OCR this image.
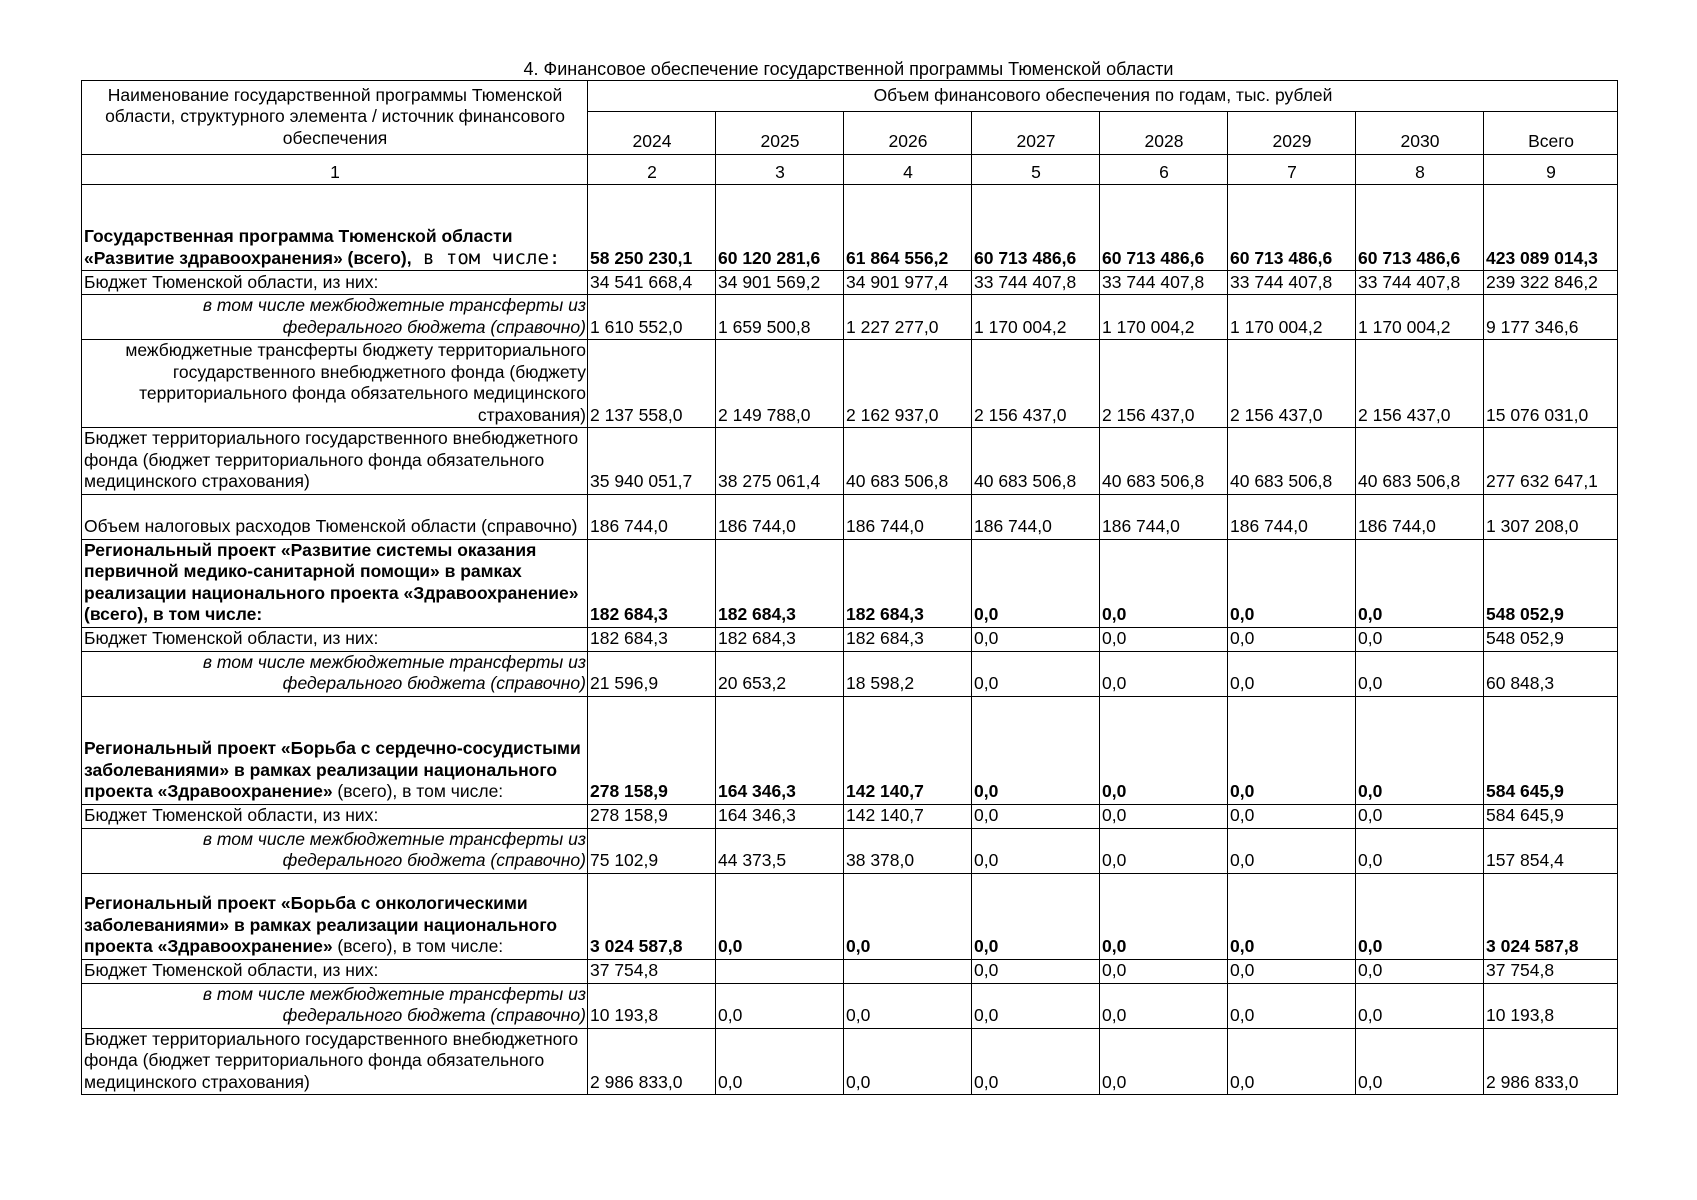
4. Финансовое обеспечение государственной программы Тюменской области
Наименование государственной программы Тюменской области, структурного элемента / источник финансового обеспечения	Объем финансового обеспечения по годам, тыс. рублей							
	2024	2025	2026	2027	2028	2029	2030	Всего
1	2	3	4	5	6	7	8	9
Государственная программа Тюменской области «Развитие здравоохранения» (всего), в том числе:	58 250 230,1	60 120 281,6	61 864 556,2	60 713 486,6	60 713 486,6	60 713 486,6	60 713 486,6	423 089 014,3
Бюджет Тюменской области, из них:	34 541 668,4	34 901 569,2	34 901 977,4	33 744 407,8	33 744 407,8	33 744 407,8	33 744 407,8	239 322 846,2
в том числе межбюджетные трансферты из федерального бюджета (справочно)	1 610 552,0	1 659 500,8	1 227 277,0	1 170 004,2	1 170 004,2	1 170 004,2	1 170 004,2	9 177 346,6
межбюджетные трансферты бюджету территориального государственного внебюджетного фонда (бюджету территориального фонда обязательного медицинского страхования)	2 137 558,0	2 149 788,0	2 162 937,0	2 156 437,0	2 156 437,0	2 156 437,0	2 156 437,0	15 076 031,0
Бюджет территориального государственного внебюджетного фонда (бюджет территориального фонда обязательного медицинского страхования)	35 940 051,7	38 275 061,4	40 683 506,8	40 683 506,8	40 683 506,8	40 683 506,8	40 683 506,8	277 632 647,1
Объем налоговых расходов Тюменской области (справочно)	186 744,0	186 744,0	186 744,0	186 744,0	186 744,0	186 744,0	186 744,0	1 307 208,0
Региональный проект «Развитие системы оказания первичной медико-санитарной помощи» в рамках реализации национального проекта «Здравоохранение» (всего), в том числе:	182 684,3	182 684,3	182 684,3	0,0	0,0	0,0	0,0	548 052,9
Бюджет Тюменской области, из них:	182 684,3	182 684,3	182 684,3	0,0	0,0	0,0	0,0	548 052,9
в том числе межбюджетные трансферты из федерального бюджета (справочно)	21 596,9	20 653,2	18 598,2	0,0	0,0	0,0	0,0	60 848,3
Региональный проект «Борьба с сердечно-сосудистыми заболеваниями» в рамках реализации национального проекта «Здравоохранение» (всего), в том числе:	278 158,9	164 346,3	142 140,7	0,0	0,0	0,0	0,0	584 645,9
Бюджет Тюменской области, из них:	278 158,9	164 346,3	142 140,7	0,0	0,0	0,0	0,0	584 645,9
в том числе межбюджетные трансферты из федерального бюджета (справочно)	75 102,9	44 373,5	38 378,0	0,0	0,0	0,0	0,0	157 854,4
Региональный проект «Борьба с онкологическими заболеваниями» в рамках реализации национального проекта «Здравоохранение» (всего), в том числе:	3 024 587,8	0,0	0,0	0,0	0,0	0,0	0,0	3 024 587,8
Бюджет Тюменской области, из них:	37 754,8			0,0	0,0	0,0	0,0	37 754,8
в том числе межбюджетные трансферты из федерального бюджета (справочно)	10 193,8	0,0	0,0	0,0	0,0	0,0	0,0	10 193,8
Бюджет территориального государственного внебюджетного фонда (бюджет территориального фонда обязательного медицинского страхования)	2 986 833,0	0,0	0,0	0,0	0,0	0,0	0,0	2 986 833,0
